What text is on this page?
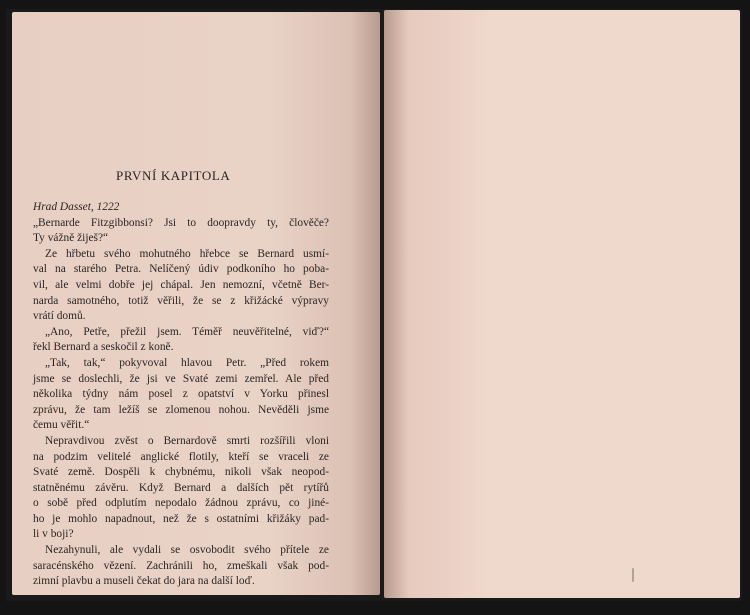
PRVNÍ KAPITOLA
Hrad Dasset, 1222
„Bernarde Fitzgibbonsi? Jsi to doopravdy ty, člověče?
Ty vážně žiješ?“
Ze hřbetu svého mohutného hřebce se Bernard usmí-
val na starého Petra. Nelíčený údiv podkoního ho poba-
vil, ale velmi dobře jej chápal. Jen nemozní, včetně Ber-
narda samotného, totiž věřili, že se z křižácké výpravy
vrátí domů.
„Ano, Petře, přežil jsem. Téměř neuvěřitelné, viď?“
řekl Bernard a seskočil z koně.
„Tak, tak,“ pokyvoval hlavou Petr. „Před rokem
jsme se doslechli, že jsi ve Svaté zemi zemřel. Ale před
několika týdny nám posel z opatství v Yorku přinesl
zprávu, že tam ležíš se zlomenou nohou. Nevěděli jsme
čemu věřit.“
Nepravdivou zvěst o Bernardově smrti rozšířili vloni
na podzim velitelé anglické flotily, kteří se vraceli ze
Svaté země. Dospěli k chybnému, nikoli však neopod-
statněnému závěru. Když Bernard a dalších pět rytířů
o sobě před odplutím nepodalo žádnou zprávu, co jiné-
ho je mohlo napadnout, než že s ostatními křižáky pad-
li v boji?
Nezahynuli, ale vydali se osvobodit svého přítele ze
saracénského vězení. Zachránili ho, zmeškali však pod-
zimní plavbu a museli čekat do jara na další loď.
